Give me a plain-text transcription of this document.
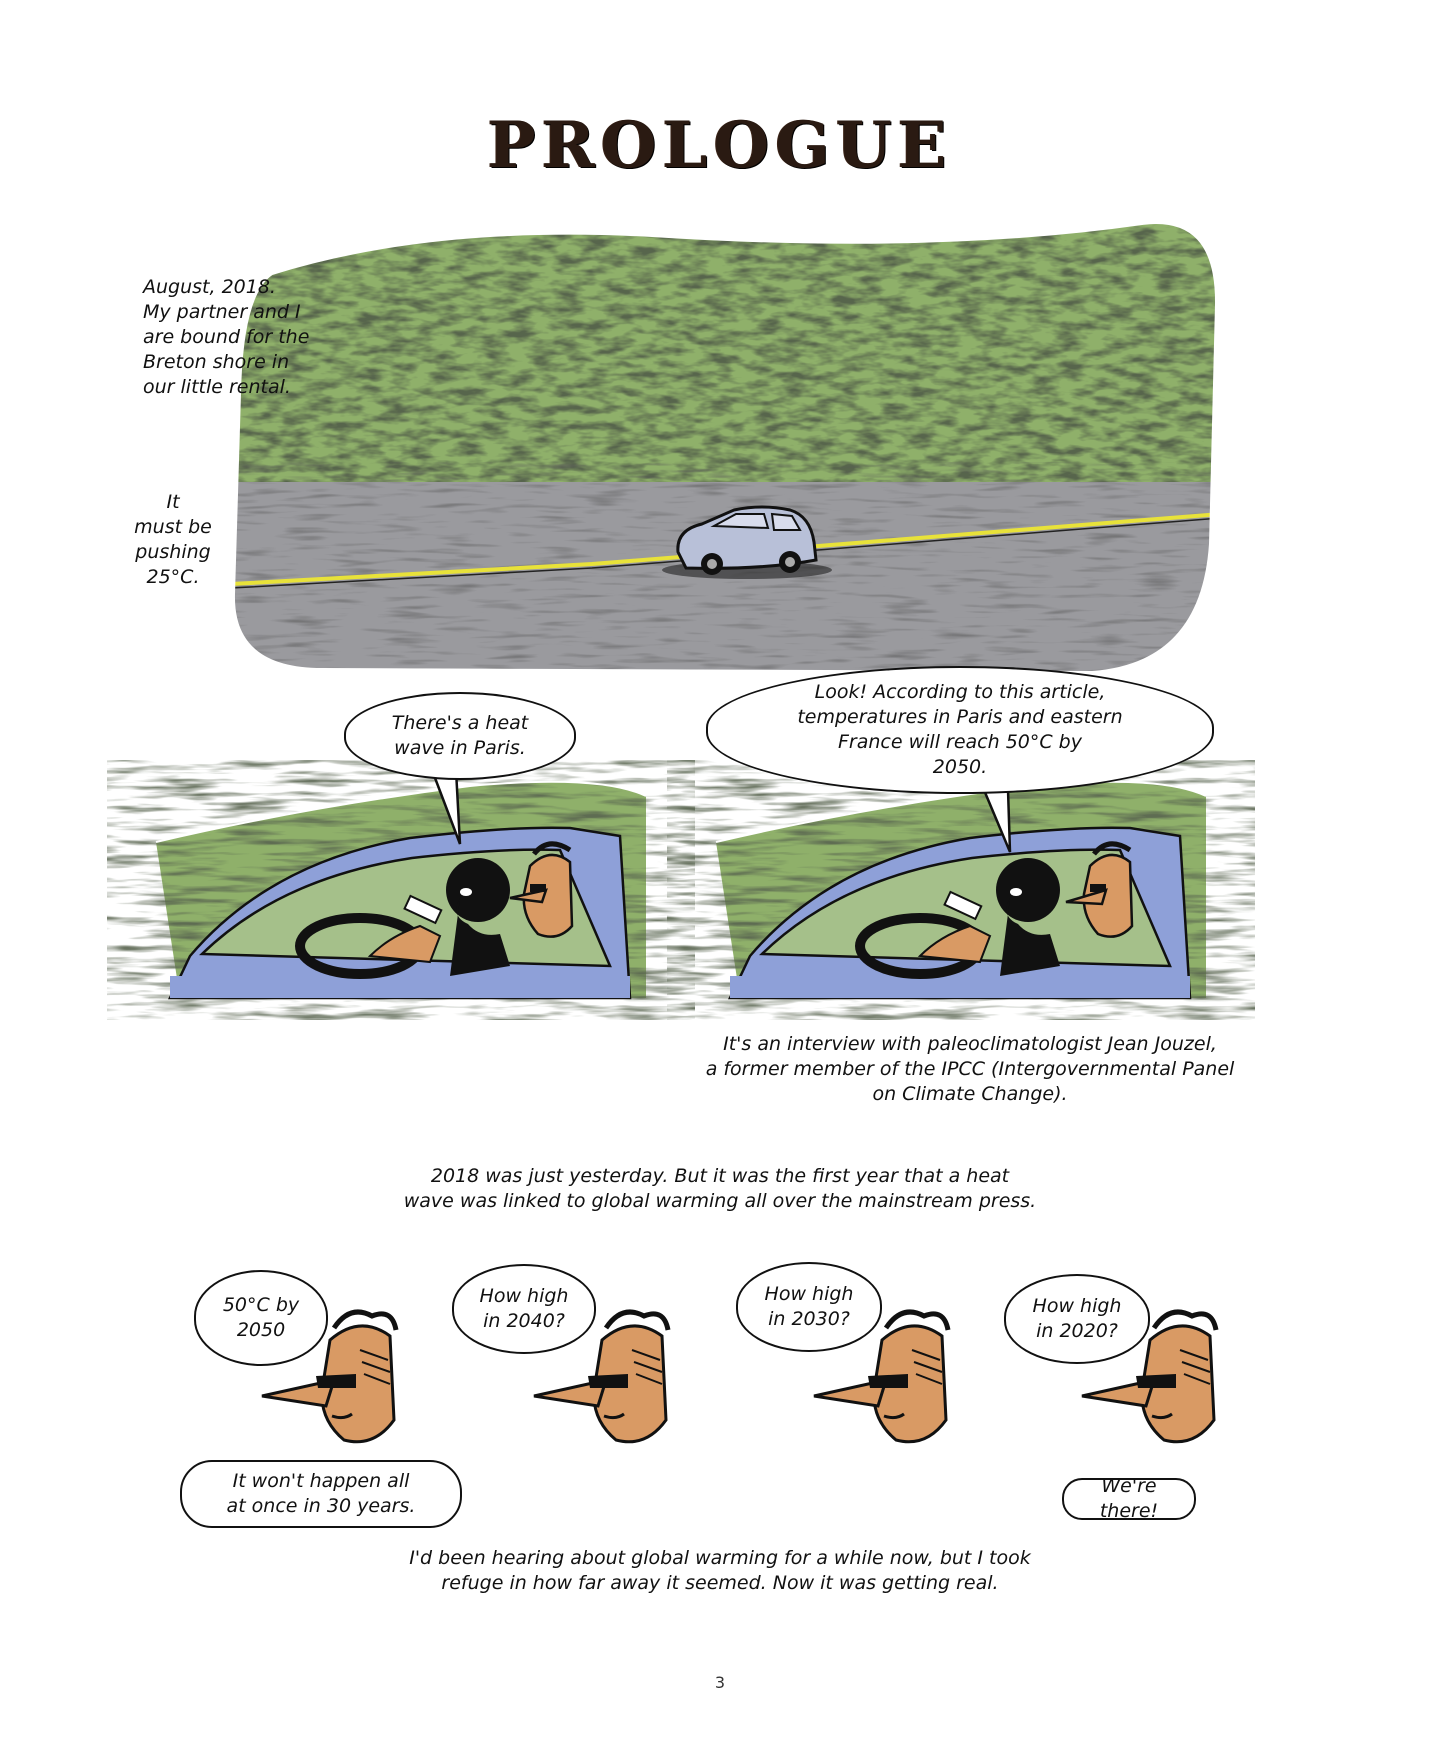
PROLOGUE
August, 2018.
My partner and I
are bound for the
Breton shore in
our little rental.
It
must be
pushing
25°C.
There's a heat
wave in Paris.
Look! According to this article,
temperatures in Paris and eastern
France will reach 50°C by
2050.
It's an interview with paleoclimatologist Jean Jouzel,
a former member of the IPCC (Intergovernmental Panel
on Climate Change).
2018 was just yesterday. But it was the first year that a heat
wave was linked to global warming all over the mainstream press.
50°C by
2050
How high
in 2040?
How high
in 2030?
How high
in 2020?
It won't happen all
at once in 30 years.
We're there!
I'd been hearing about global warming for a while now, but I took
refuge in how far away it seemed. Now it was getting real.
3
